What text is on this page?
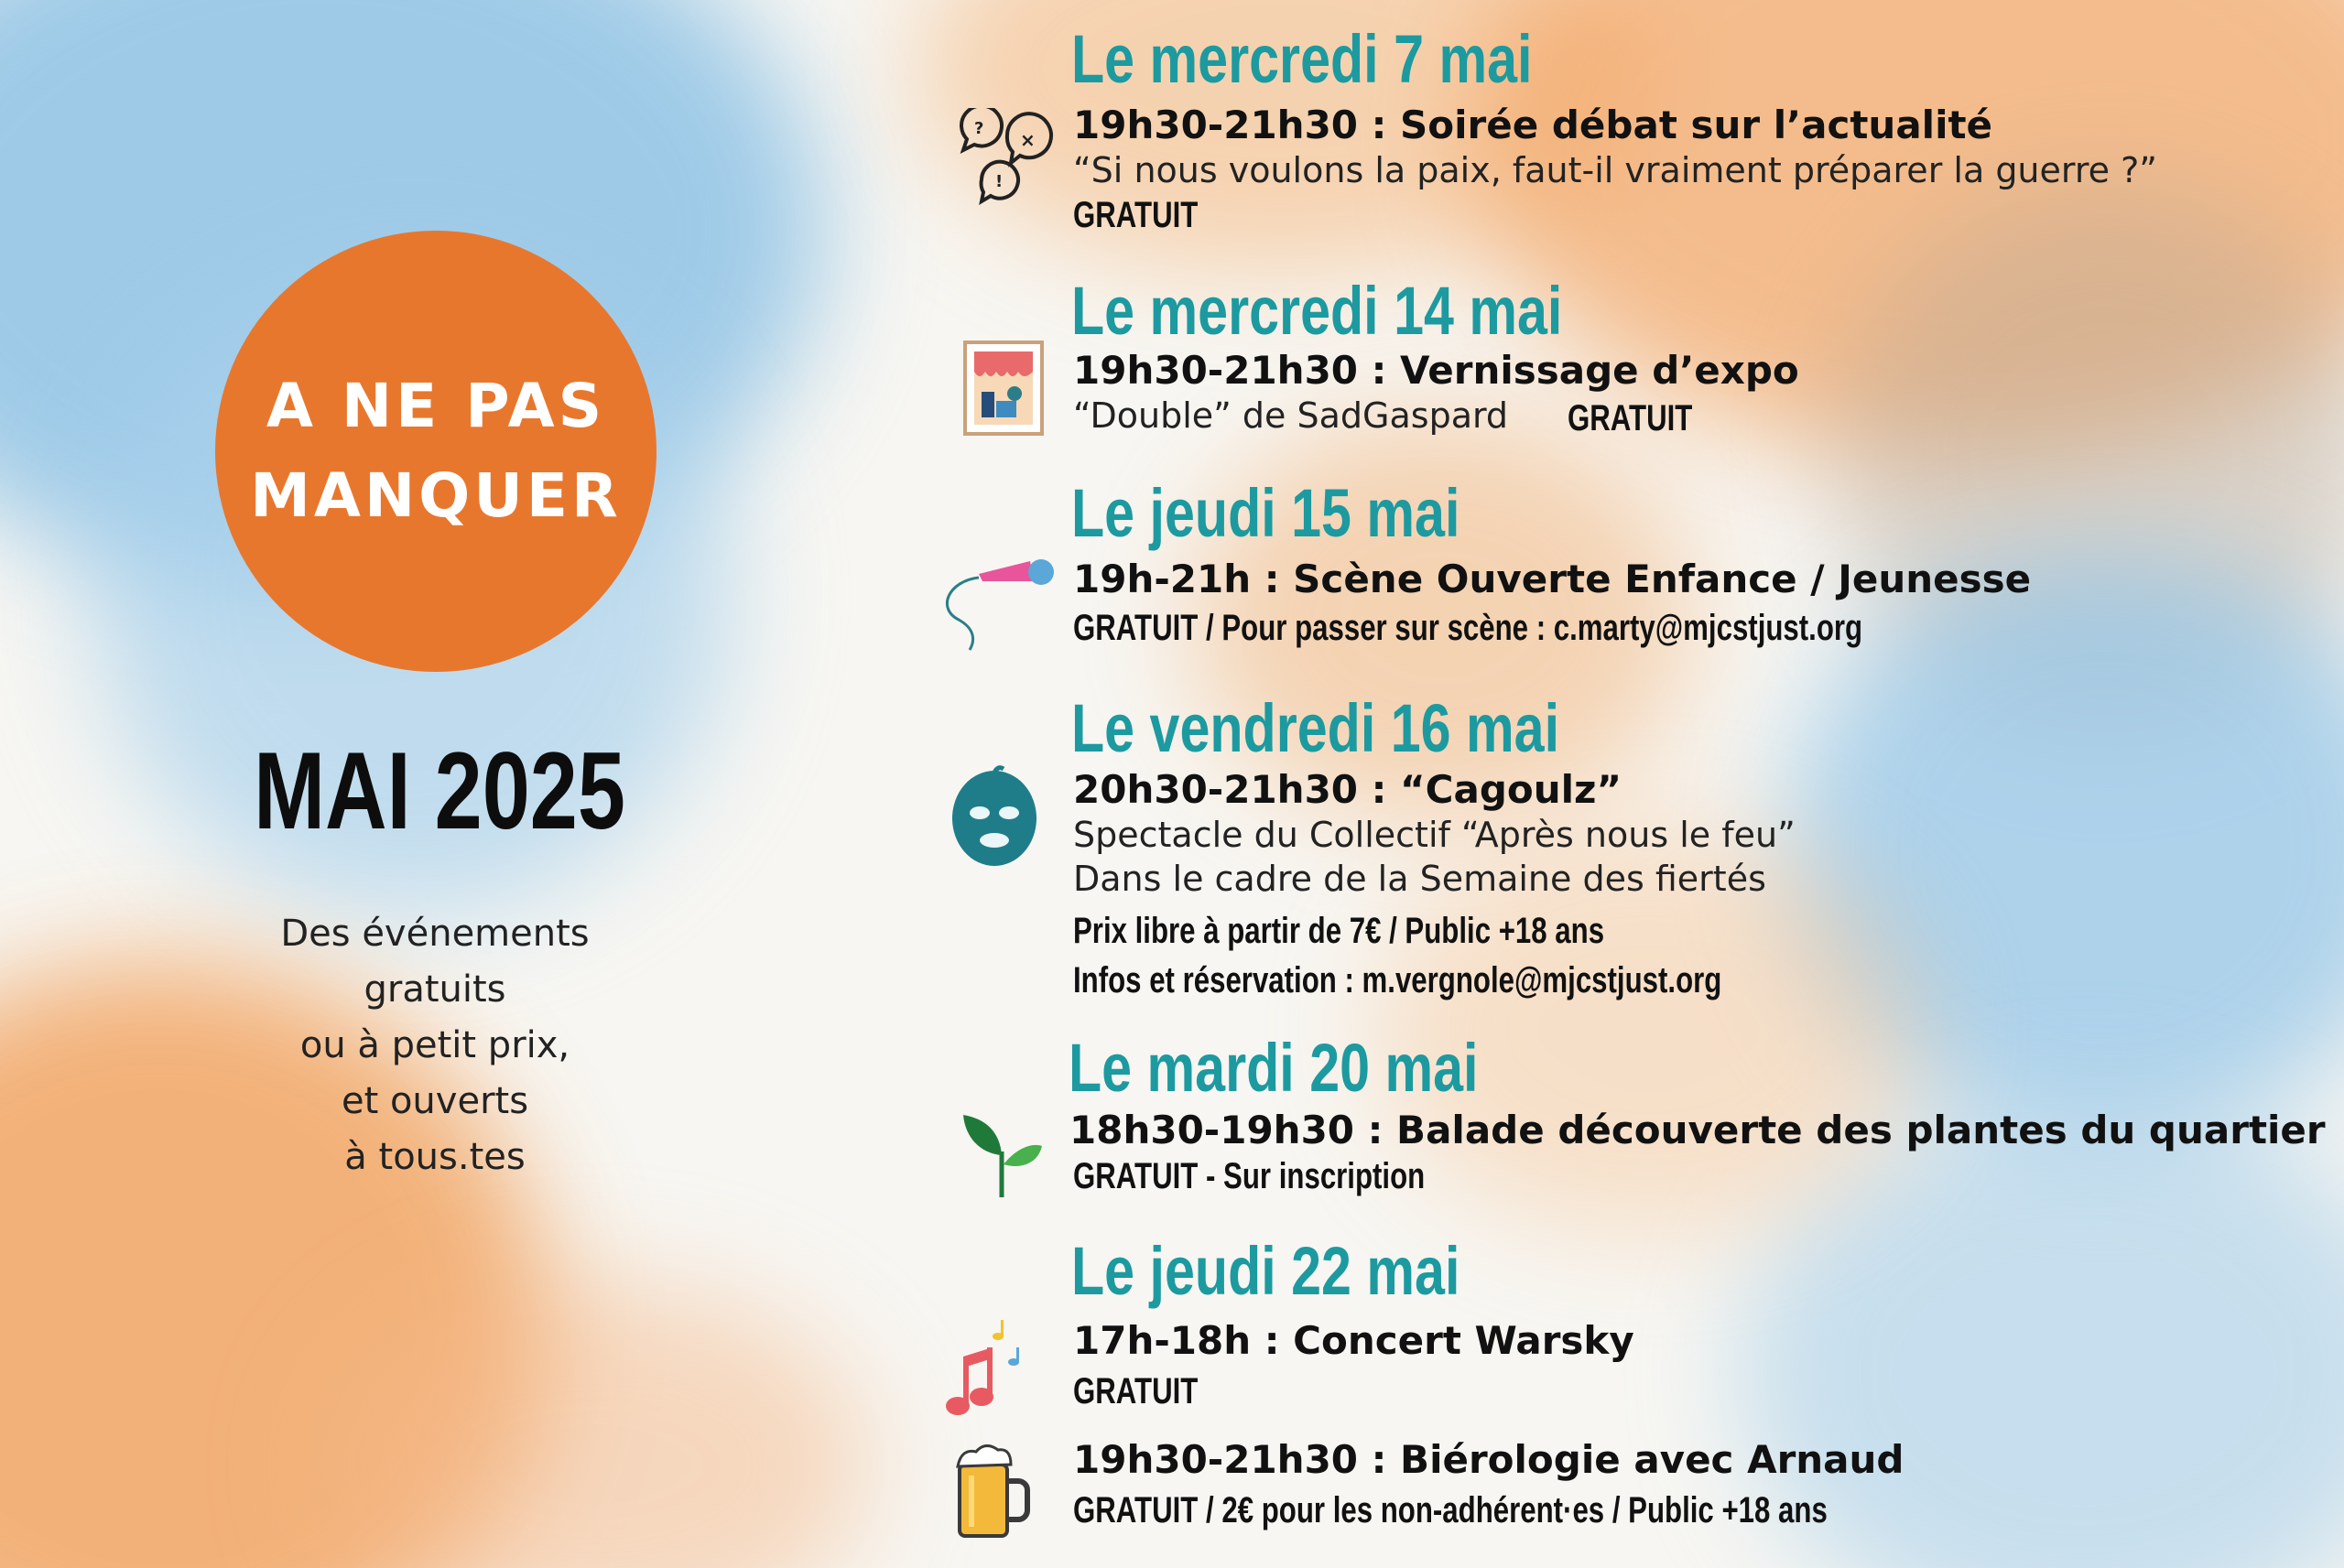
A NE PAS
MANQUER
MAI 2025
Des événements
gratuits
ou à petit prix,
et ouverts
à tous.tes
Le mercredi 7 mai
?
×
!
19h30-21h30 : Soirée débat sur l’actualité
“Si nous voulons la paix, faut-il vraiment préparer la guerre ?”
GRATUIT
Le mercredi 14 mai
19h30-21h30 : Vernissage d’expo
“Double” de SadGaspard GRATUIT
Le jeudi 15 mai
19h-21h : Scène Ouverte Enfance / Jeunesse
GRATUIT / Pour passer sur scène : c.marty@mjcstjust.org
Le vendredi 16 mai
20h30-21h30 : “Cagoulz”
Spectacle du Collectif “Après nous le feu”
Dans le cadre de la Semaine des fiertés
Prix libre à partir de 7€ / Public +18 ans
Infos et réservation : m.vergnole@mjcstjust.org
Le mardi 20 mai
18h30-19h30 : Balade découverte des plantes du quartier
GRATUIT - Sur inscription
Le jeudi 22 mai
17h-18h : Concert Warsky
GRATUIT
19h30-21h30 : Biérologie avec Arnaud
GRATUIT / 2€ pour les non-adhérent·es / Public +18 ans
